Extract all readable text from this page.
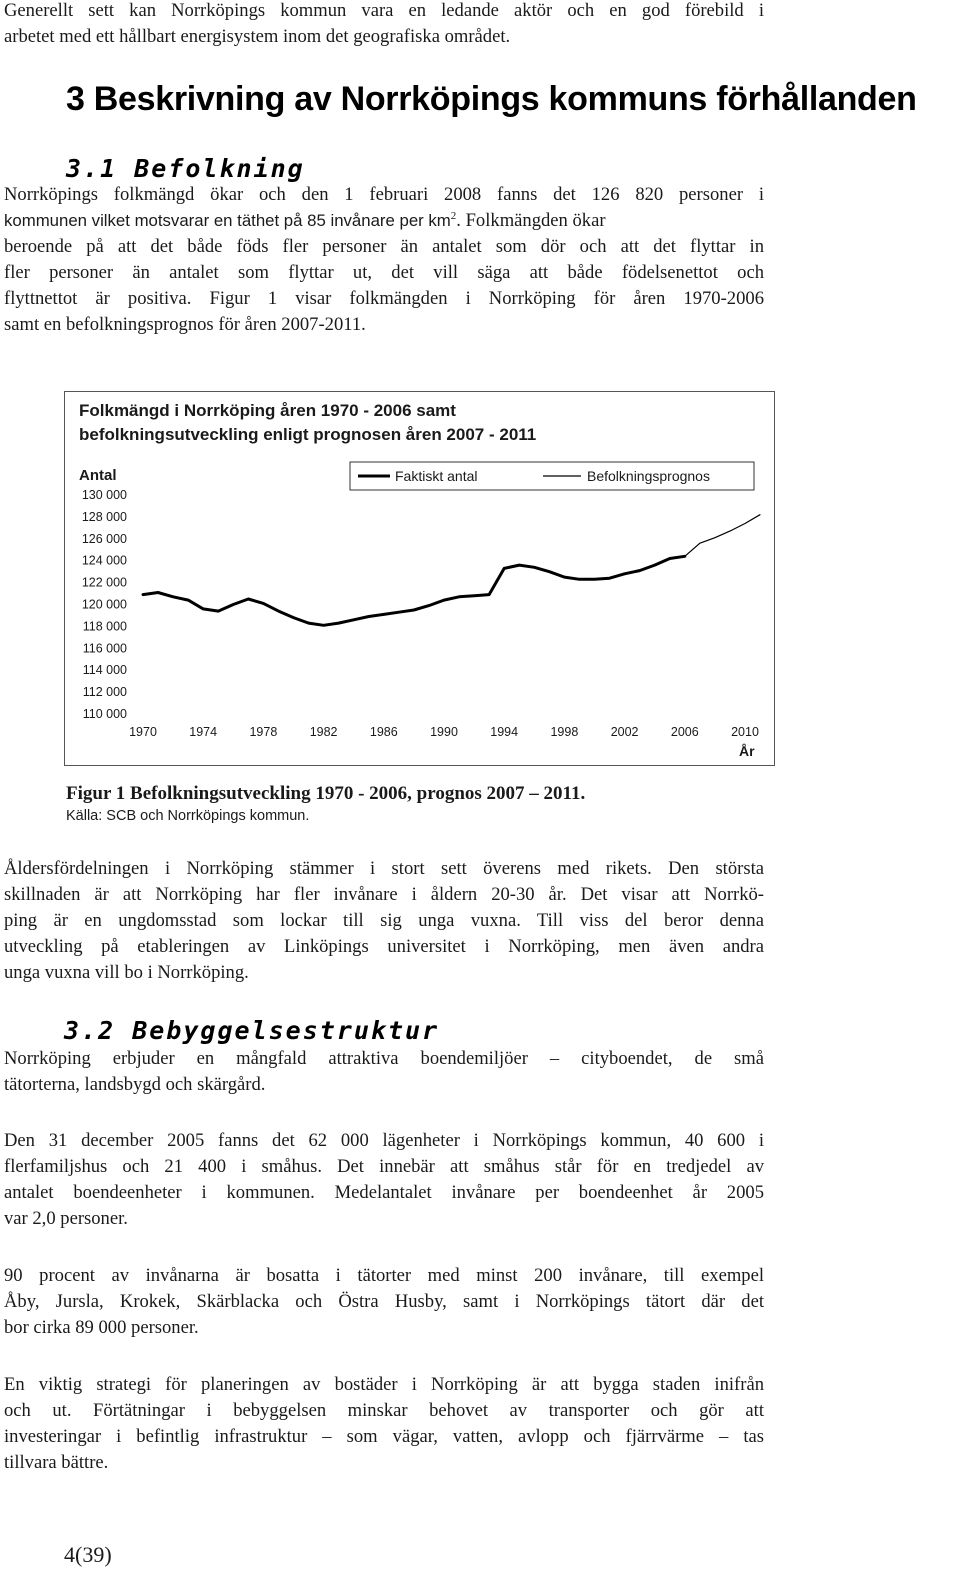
Generellt sett kan Norrköpings kommun vara en ledande aktör och en god förebild i
arbetet med ett hållbart energisystem inom det geografiska området.

3 Beskrivning av Norrköpings kommuns förhållanden
3.1 Befolkning

Norrköpings folkmängd ökar och den 1 februari 2008 fanns det 126 820 personer i
kommunen vilket motsvarar en täthet på 85 invånare per $km^2$. Folkmängden ökar
beroende på att det både föds fler personer än antalet som dör och att det flyttar in
fler personer än antalet som flyttar ut, det vill säga att både födelsenettot och
flyttnettot är positiva. Figur 1 visar folkmängden i Norrköping för åren 1970-2006
samt en befolkningsprognos för åren 2007-2011.

Folkmängd i Norrköping åren 1970 - 2006 samt
befolkningsutveckling enligt prognosen åren 2007 - 2011
Antal
År
Faktiskt antal	Befolkningsprognos
110 000
112 000
114 000
116 000
118 000
120 000
122 000
124 000
126 000
128 000
130 000
1970	1974	1978	1982	1986	1990	1994	1998	2002	2006	2010

Figur 1 Befolkningsutveckling 1970 - 2006, prognos 2007 – 2011.

Källa: SCB och Norrköpings kommun.

Åldersfördelningen i Norrköping stämmer i stort sett överens med rikets. Den största
skillnaden är att Norrköping har fler invånare i åldern 20-30 år. Det visar att Norrkö-
ping är en ungdomsstad som lockar till sig unga vuxna. Till viss del beror denna
utveckling på etableringen av Linköpings universitet i Norrköping, men även andra
unga vuxna vill bo i Norrköping.

3.2 Bebyggelsestruktur

Norrköping erbjuder en mångfald attraktiva boendemiljöer – cityboendet, de små
tätorterna, landsbygd och skärgård.

Den 31 december 2005 fanns det 62 000 lägenheter i Norrköpings kommun, 40 600 i
flerfamiljshus och 21 400 i småhus. Det innebär att småhus står för en tredjedel av
antalet boendeenheter i kommunen. Medelantalet invånare per boendeenhet år 2005
var 2,0 personer.

90 procent av invånarna är bosatta i tätorter med minst 200 invånare, till exempel
Åby, Jursla, Krokek, Skärblacka och Östra Husby, samt i Norrköpings tätort där det
bor cirka 89 000 personer.

En viktig strategi för planeringen av bostäder i Norrköping är att bygga staden inifrån
och ut. Förtätningar i bebyggelsen minskar behovet av transporter och gör att
investeringar i befintlig infrastruktur – som vägar, vatten, avlopp och fjärrvärme – tas
tillvara bättre.

4(39)
